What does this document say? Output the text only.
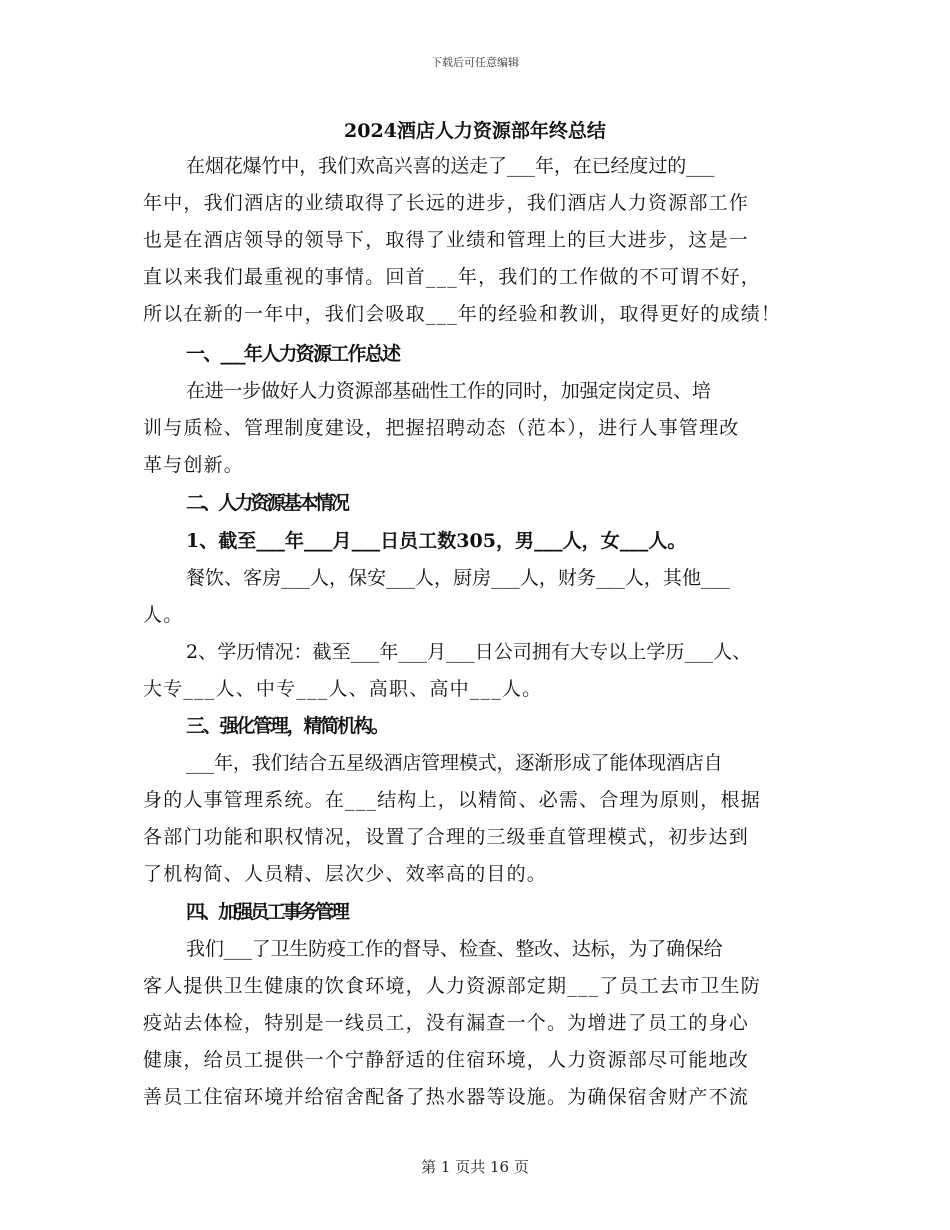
下载后可任意编辑
2024酒店人力资源部年终总结
在烟花爆竹中，我们欢高兴喜的送走了___年，在已经度过的___
年中，我们酒店的业绩取得了长远的进步，我们酒店人力资源部工作
也是在酒店领导的领导下，取得了业绩和管理上的巨大进步，这是一
直以来我们最重视的事情。回首___年，我们的工作做的不可谓不好，
所以在新的一年中，我们会吸取___年的经验和教训，取得更好的成绩！
一、___年人力资源工作总述
在进一步做好人力资源部基础性工作的同时，加强定岗定员、培
训与质检、管理制度建设，把握招聘动态（范本），进行人事管理改
革与创新。
二、人力资源基本情况
1、截至___年___月___日员工数305，男___人，女___人。
餐饮、客房___人，保安___人，厨房___人，财务___人，其他___
人。
2、学历情况：截至___年___月___日公司拥有大专以上学历___人、
大专___人、中专___人、高职、高中___人。
三、强化管理，精简机构。
___年，我们结合五星级酒店管理模式，逐渐形成了能体现酒店自
身的人事管理系统。在___结构上，以精简、必需、合理为原则，根据
各部门功能和职权情况，设置了合理的三级垂直管理模式，初步达到
了机构简、人员精、层次少、效率高的目的。
四、加强员工事务管理
我们___了卫生防疫工作的督导、检查、整改、达标，为了确保给
客人提供卫生健康的饮食环境，人力资源部定期___了员工去市卫生防
疫站去体检，特别是一线员工，没有漏查一个。为增进了员工的身心
健康，给员工提供一个宁静舒适的住宿环境，人力资源部尽可能地改
善员工住宿环境并给宿舍配备了热水器等设施。为确保宿舍财产不流
第 1 页共 16 页
